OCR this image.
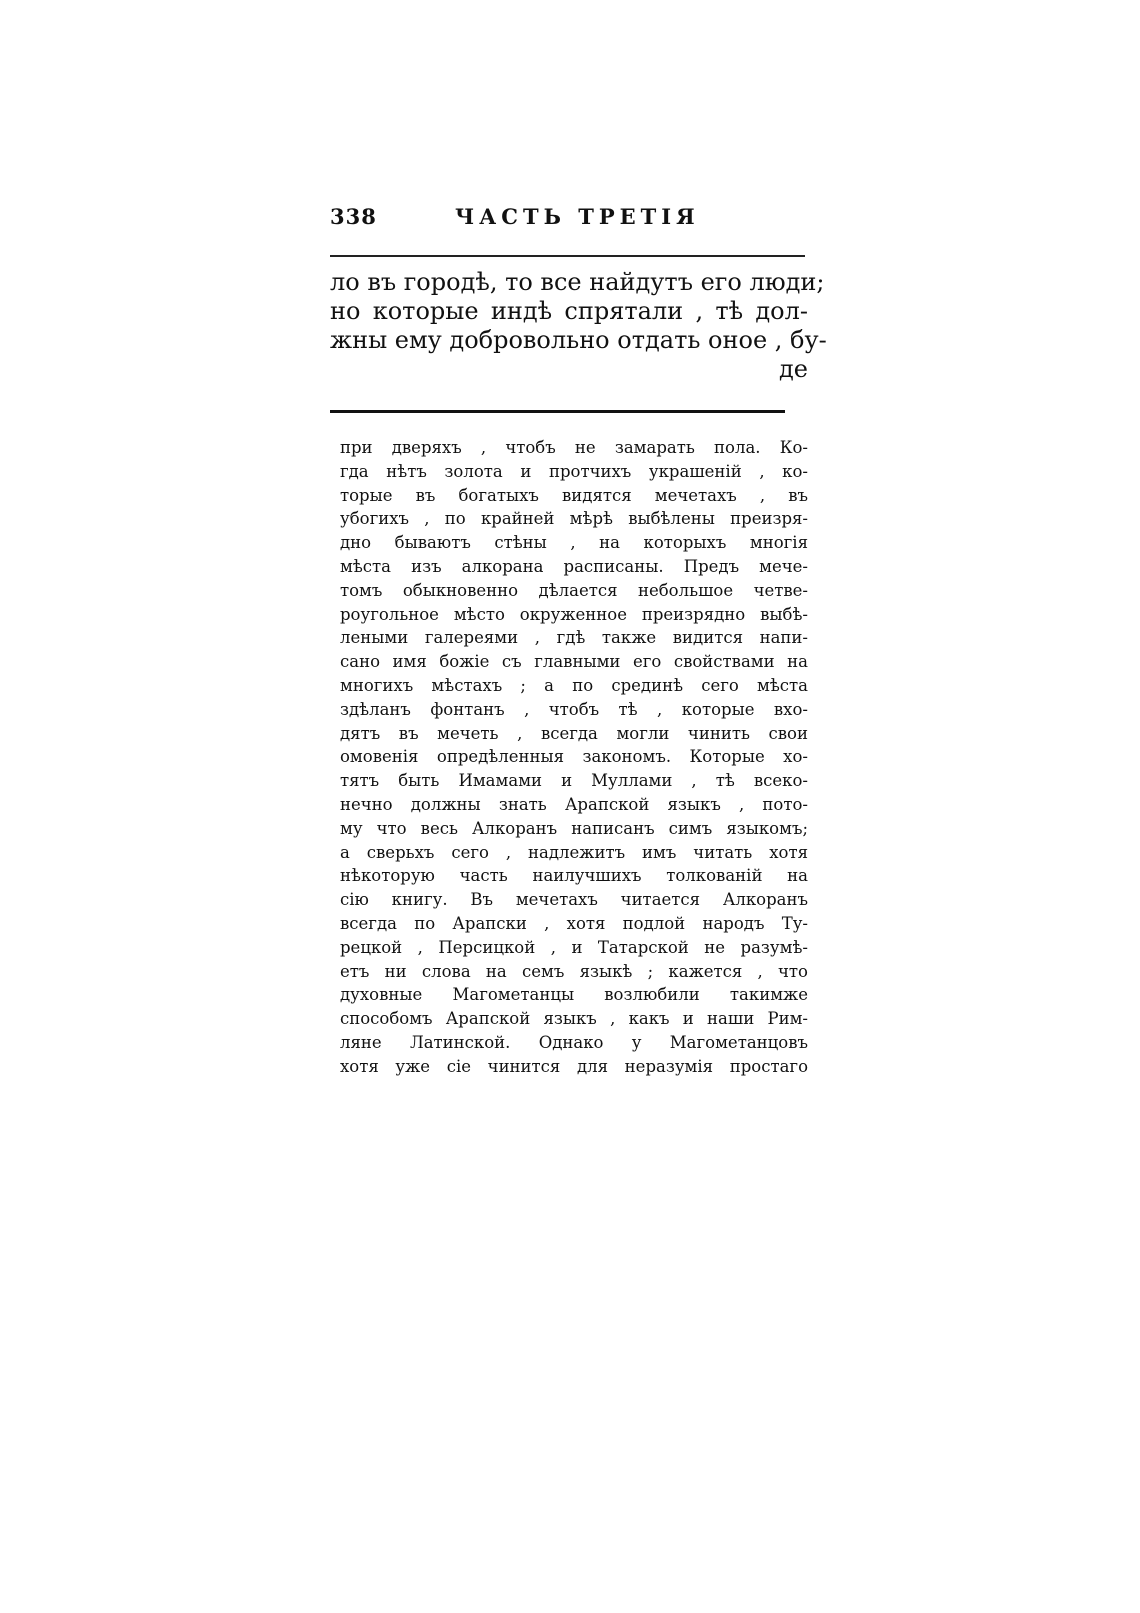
338	ЧАСТЬ ТРЕТІЯ
ло въ городѣ, то все найдутъ его люди;
но которые индѣ спрятали , тѣ дол-
жны ему добровольно отдать оное , бу-
де
при дверяхъ , чтобъ не замарать пола. Ко-
гда нѣтъ золота и протчихъ украшеній , ко-
торые въ богатыхъ видятся мечетахъ , въ
убогихъ , по крайней мѣрѣ выбѣлены преизря-
дно бываютъ стѣны , на которыхъ многія
мѣста изъ алкорана расписаны. Предъ мече-
томъ обыкновенно дѣлается небольшое четве-
роугольное мѣсто окруженное преизрядно выбѣ-
леными галереями , гдѣ также видится напи-
сано имя божіе съ главными его свойствами на
многихъ мѣстахъ ; а по срединѣ сего мѣста
здѣланъ фонтанъ , чтобъ тѣ , которые вхо-
дятъ въ мечеть , всегда могли чинить свои
омовенія опредѣленныя закономъ. Которые хо-
тятъ быть Имамами и Муллами , тѣ всеко-
нечно должны знать Арапской языкъ , пото-
му что весь Алкоранъ написанъ симъ языкомъ;
а сверьхъ сего , надлежитъ имъ читать хотя
нѣкоторую часть наилучшихъ толкованій на
сію книгу. Въ мечетахъ читается Алкоранъ
всегда по Арапски , хотя подлой народъ Ту-
рецкой , Персицкой , и Татарской не разумѣ-
етъ ни слова на семъ языкѣ ; кажется , что
духовные Магометанцы возлюбили такимже
способомъ Арапской языкъ , какъ и наши Рим-
ляне Латинской. Однако у Магометанцовъ
хотя уже сіе чинится для неразумія простаго
